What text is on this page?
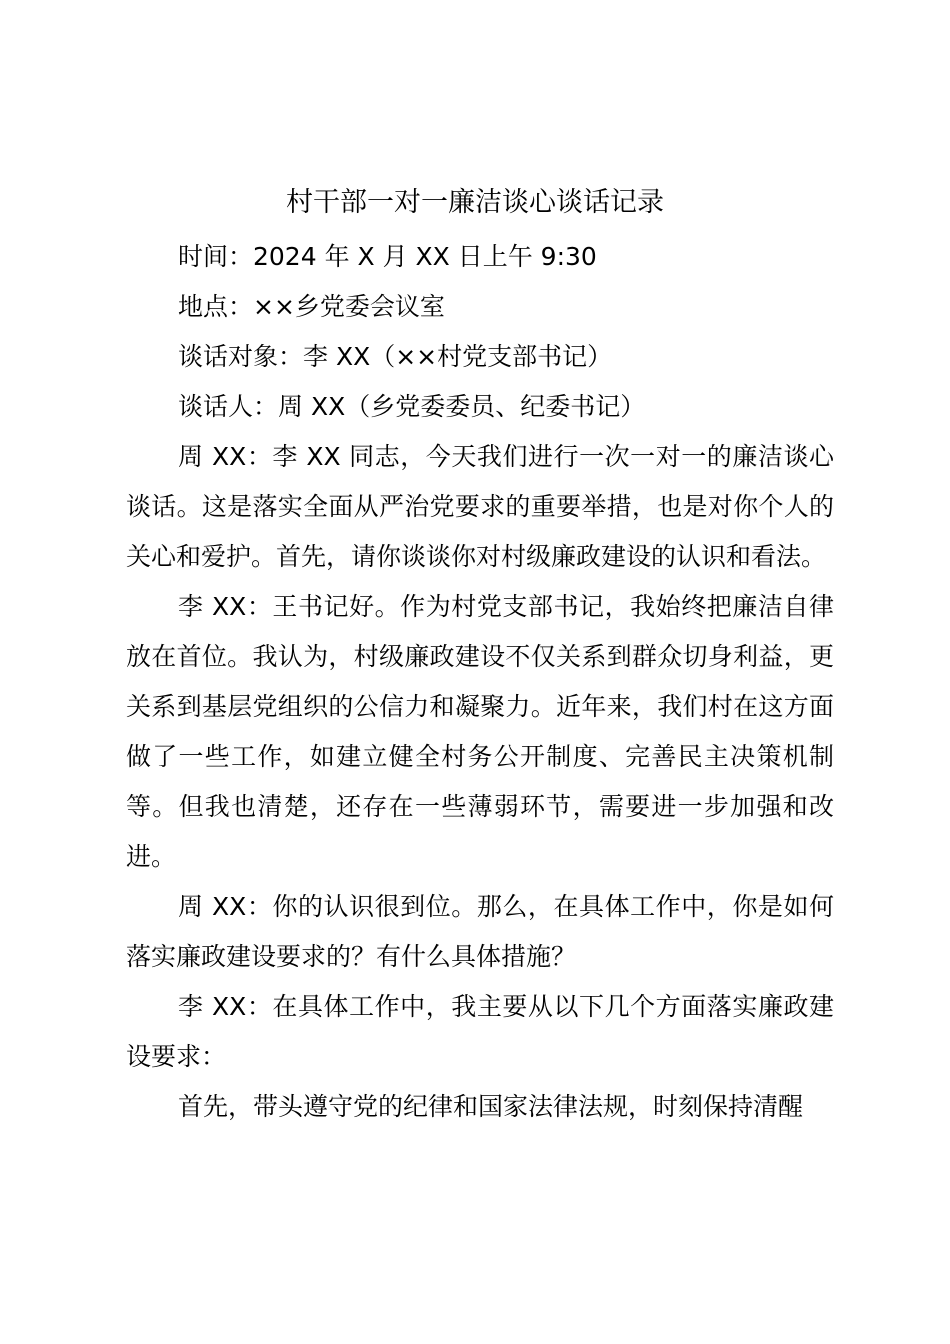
村干部一对一廉洁谈心谈话记录

时间：2024 年 X 月 XX 日上午 9:30

地点：××乡党委会议室

谈话对象：李 XX（××村党支部书记）

谈话人：周 XX（乡党委委员、纪委书记）

周 XX：李 XX 同志，今天我们进行一次一对一的廉洁谈心谈话。这是落实全面从严治党要求的重要举措，也是对你个人的关心和爱护。首先，请你谈谈你对村级廉政建设的认识和看法。

李 XX：王书记好。作为村党支部书记，我始终把廉洁自律放在首位。我认为，村级廉政建设不仅关系到群众切身利益，更关系到基层党组织的公信力和凝聚力。近年来，我们村在这方面做了一些工作，如建立健全村务公开制度、完善民主决策机制等。但我也清楚，还存在一些薄弱环节，需要进一步加强和改进。

周 XX：你的认识很到位。那么，在具体工作中，你是如何落实廉政建设要求的？有什么具体措施？

李 XX：在具体工作中，我主要从以下几个方面落实廉政建设要求：

首先，带头遵守党的纪律和国家法律法规，时刻保持清醒
